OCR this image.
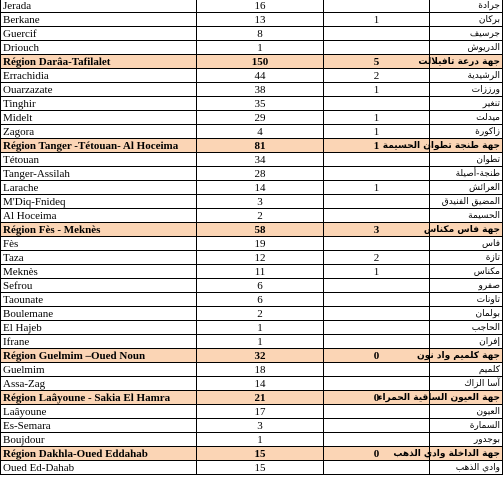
Jerada	16		جرادة
Berkane	13	1	بركان
Guercif	8		جرسيف
Driouch	1		الدريوش
Région Darâa-Tafilalet	150	5	جهة درعة تافيلالت
Errachidia	44	2	الرشيدية
Ouarzazate	38	1	ورززات
Tinghir	35		تنغير
Midelt	29	1	ميدلت
Zagora	4	1	زاكورة
Région Tanger -Tétouan- Al Hoceima	81	1	جهة طنجة تطوان الحسيمة
Tétouan	34		تطوان
Tanger-Assilah	28		طنجة-أصيلة
Larache	14	1	العرائش
M'Diq-Fnideq	3		المضيق الفنيدق
Al Hoceima	2		الحسيمة
Région Fès - Meknès	58	3	جهة فاس مكناس
Fès	19		فاس
Taza	12	2	تازة
Meknès	11	1	مكناس
Sefrou	6		صفرو
Taounate	6		تاونات
Boulemane	2		بولمان
El Hajeb	1		الحاجب
Ifrane	1		إفران
Région Guelmim –Oued Noun	32	0	جهة كلميم واد نون
Guelmim	18		كلميم
Assa-Zag	14		آسا الزاك
Région Laâyoune - Sakia El Hamra	21	0	جهة العيون الساقية الحمراء
Laâyoune	17		العيون
Es-Semara	3		السمارة
Boujdour	1		بوجدور
Région Dakhla-Oued Eddahab	15	0	جهة الداخلة وادي الذهب
Oued Ed-Dahab	15		وادي الذهب
